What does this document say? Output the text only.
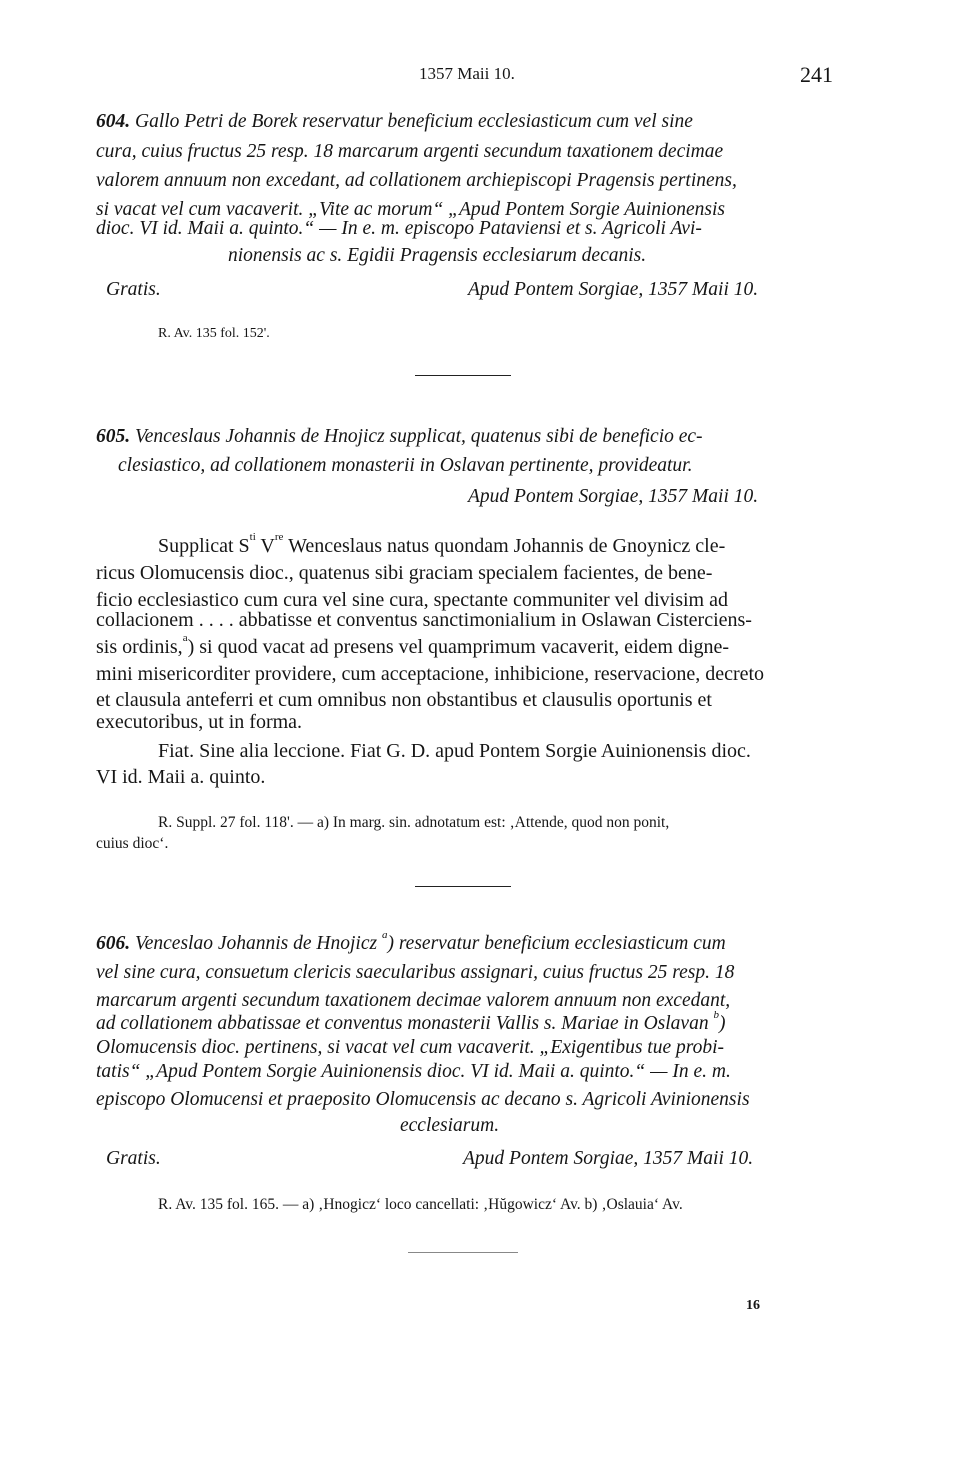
1357 Maii 10.	241
604. Gallo Petri de Borek reservatur beneficium ecclesiasticum cum vel sine
cura, cuius fructus 25 resp. 18 marcarum argenti secundum taxationem decimae
valorem annuum non excedant, ad collationem archiepiscopi Pragensis pertinens,
si vacat vel cum vacaverit. „Vite ac morum“ „Apud Pontem Sorgie Auinionensis
dioc. VI id. Maii a. quinto.“ — In e. m. episcopo Pataviensi et s. Agricoli Avi-
nionensis ac s. Egidii Pragensis ecclesiarum decanis.
Gratis.	Apud Pontem Sorgiae, 1357 Maii 10.
R. Av. 135 fol. 152'.
605. Venceslaus Johannis de Hnojicz supplicat, quatenus sibi de beneficio ec-
clesiastico, ad collationem monasterii in Oslavan pertinente, provideatur.
Apud Pontem Sorgiae, 1357 Maii 10.
Supplicat $S^{ti}$ Vre Wenceslaus natus quondam Johannis de Gnoynicz cle-
ricus Olomucensis dioc., quatenus sibi graciam specialem facientes, de bene-
ficio ecclesiastico cum cura vel sine cura, spectante communiter vel divisim ad
collacionem . . . . abbatisse et conventus sanctimonialium in Oslawan Cisterciens-
sis ordinis,$^a$) si quod vacat ad presens vel quamprimum vacaverit, eidem digne-
mini misericorditer providere, cum acceptacione, inhibicione, reservacione, decreto
et clausula anteferri et cum omnibus non obstantibus et clausulis oportunis et
executoribus, ut in forma.
Fiat. Sine alia leccione. Fiat G. D. apud Pontem Sorgie Auinionensis dioc.
VI id. Maii a. quinto.
R. Suppl. 27 fol. 118'. — a) In marg. sin. adnotatum est: ‚Attende, quod non ponit,
cuius dioc‘.
606. Venceslao Johannis de Hnojicz $^a$) reservatur beneficium ecclesiasticum cum
vel sine cura, consuetum clericis saecularibus assignari, cuius fructus 25 resp. 18
marcarum argenti secundum taxationem decimae valorem annuum non excedant,
ad collationem abbatissae et conventus monasterii Vallis s. Mariae in Oslavan $^b$)
Olomucensis dioc. pertinens, si vacat vel cum vacaverit. „Exigentibus tue probi-
tatis“ „Apud Pontem Sorgie Auinionensis dioc. VI id. Maii a. quinto.“ — In e. m.
episcopo Olomucensi et praeposito Olomucensis ac decano s. Agricoli Avinionensis
ecclesiarum.
Gratis.	Apud Pontem Sorgiae, 1357 Maii 10.
R. Av. 135 fol. 165. — a) ‚Hnogicz‘ loco cancellati: ‚Hŭgowicz‘ Av. b) ‚Oslauia‘ Av.
16
